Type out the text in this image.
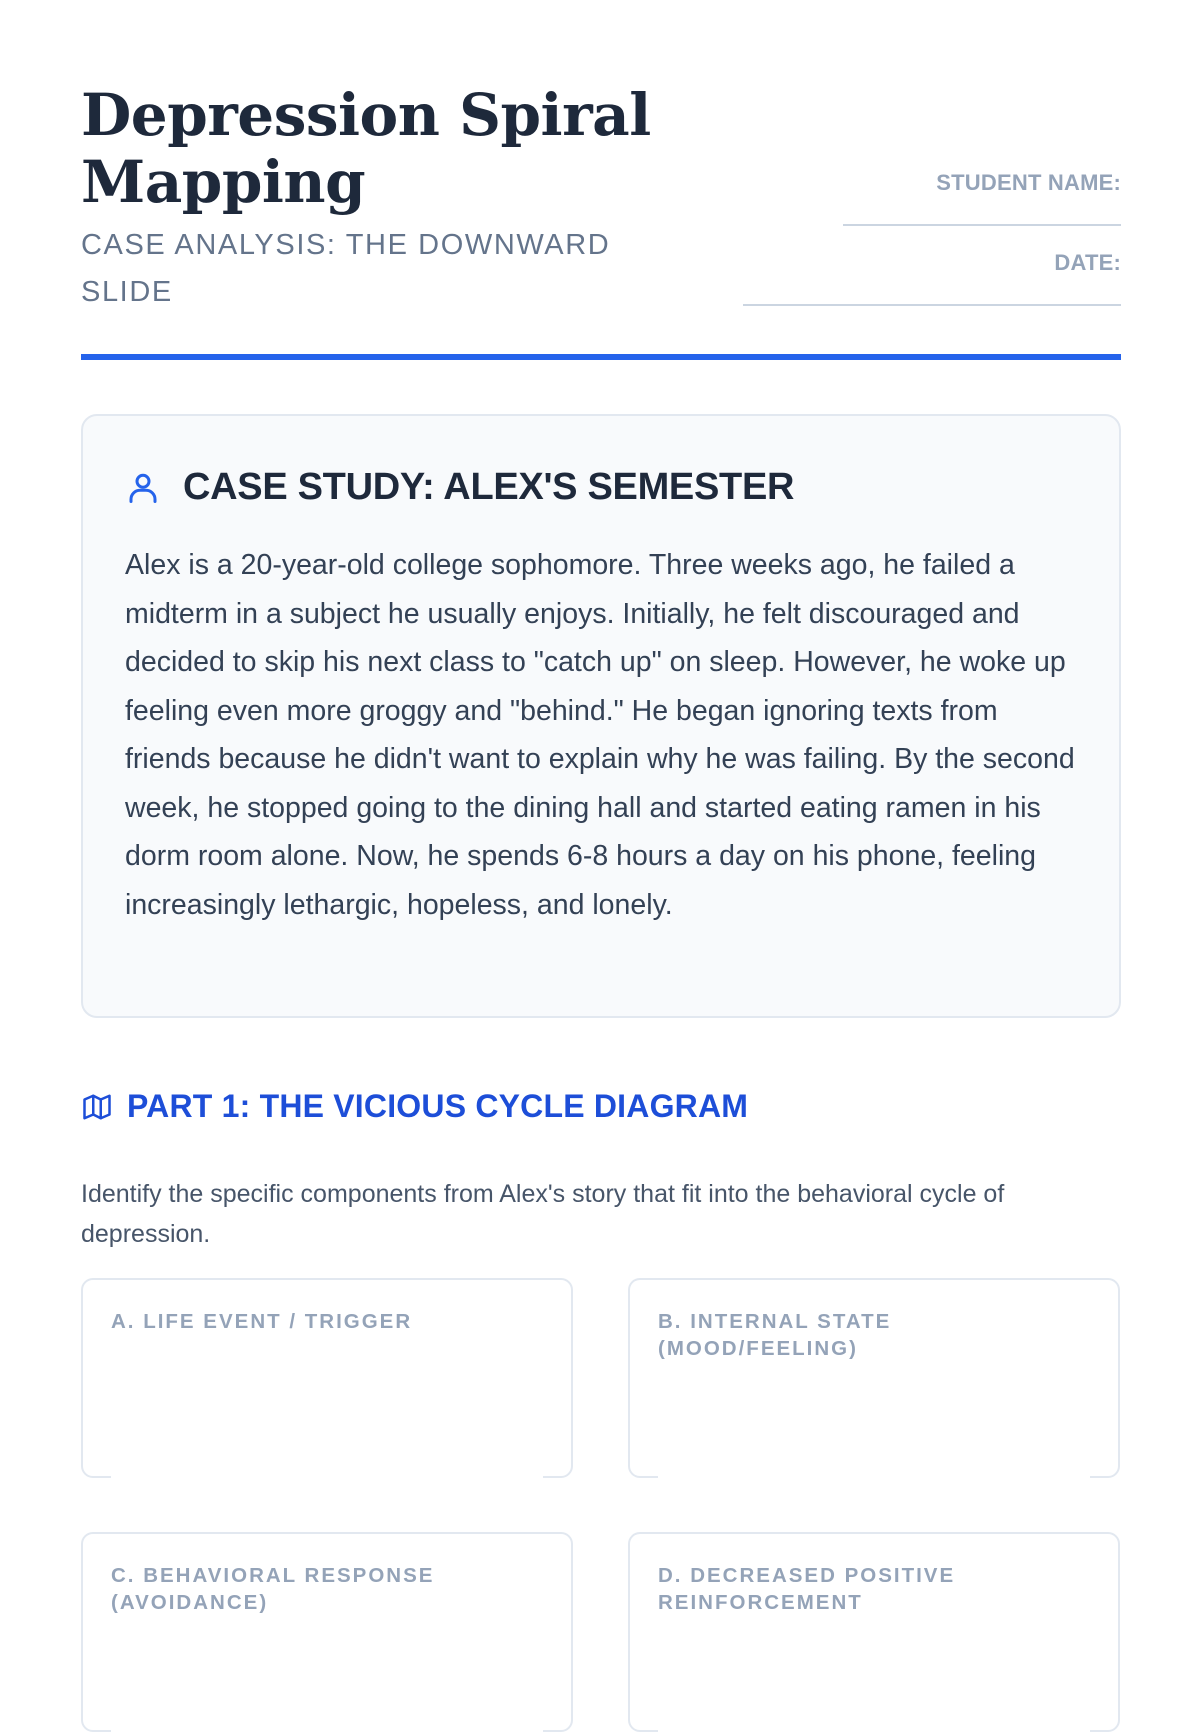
Depression Spiral Mapping
CASE ANALYSIS: THE DOWNWARD SLIDE
STUDENT NAME:
DATE:
CASE STUDY: ALEX'S SEMESTER

Alex is a 20-year-old college sophomore. Three weeks ago, he failed a midterm in a subject he usually enjoys. Initially, he felt discouraged and decided to skip his next class to "catch up" on sleep. However, he woke up feeling even more groggy and "behind." He began ignoring texts from friends because he didn't want to explain why he was failing. By the second week, he stopped going to the dining hall and started eating ramen in his dorm room alone. Now, he spends 6-8 hours a day on his phone, feeling increasingly lethargic, hopeless, and lonely.

PART 1: THE VICIOUS CYCLE DIAGRAM

Identify the specific components from Alex's story that fit into the behavioral cycle of depression.

A. LIFE EVENT / TRIGGER	B. INTERNAL STATE (MOOD/FEELING)
C. BEHAVIORAL RESPONSE (AVOIDANCE)
D. DECREASED POSITIVE REINFORCEMENT
